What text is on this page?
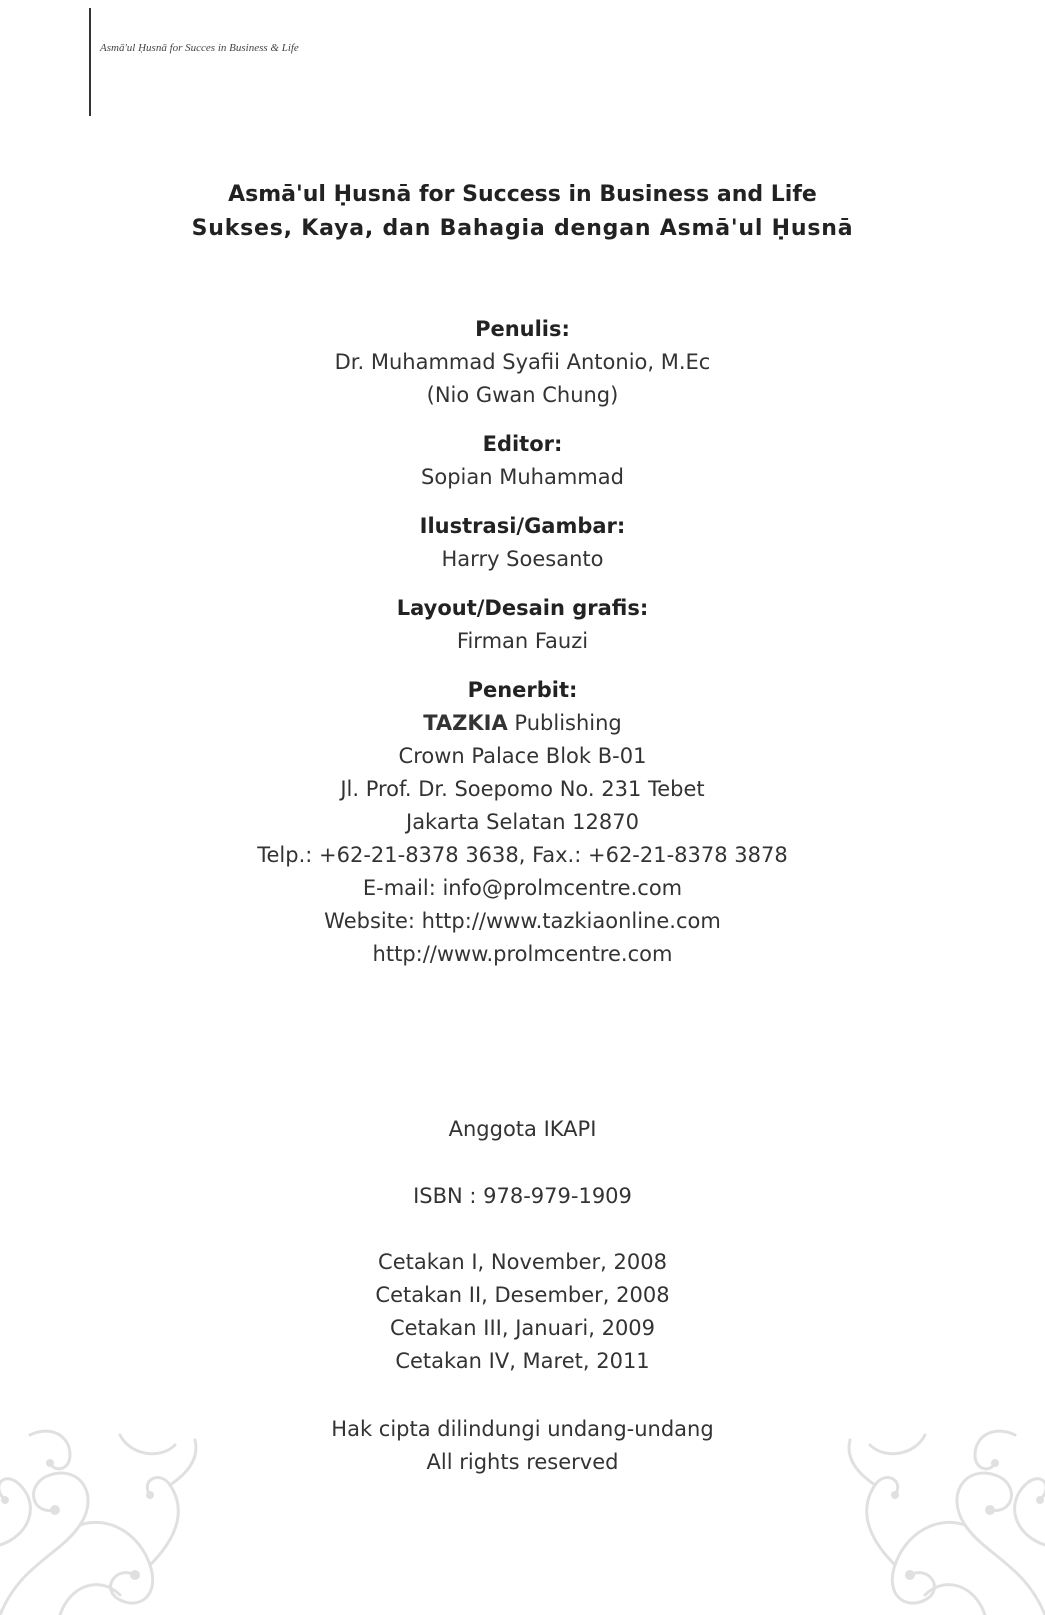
Asmā'ul Ḥusnā for Succes in Business & Life
Asmā'ul Ḥusnā for Success in Business and Life
Sukses, Kaya, dan Bahagia dengan Asmā'ul Ḥusnā
Penulis:
Dr. Muhammad Syafii Antonio, M.Ec
(Nio Gwan Chung)
Editor:
Sopian Muhammad
Ilustrasi/Gambar:
Harry Soesanto
Layout/Desain grafis:
Firman Fauzi
Penerbit:
TAZKIA Publishing
Crown Palace Blok B-01
Jl. Prof. Dr. Soepomo No. 231 Tebet
Jakarta Selatan 12870
Telp.: +62-21-8378 3638, Fax.: +62-21-8378 3878
E-mail: info@prolmcentre.com
Website: http://www.tazkiaonline.com
http://www.prolmcentre.com
Anggota IKAPI
ISBN : 978-979-1909
Cetakan I, November, 2008
Cetakan II, Desember, 2008
Cetakan III, Januari, 2009
Cetakan IV, Maret, 2011
Hak cipta dilindungi undang-undang
All rights reserved
